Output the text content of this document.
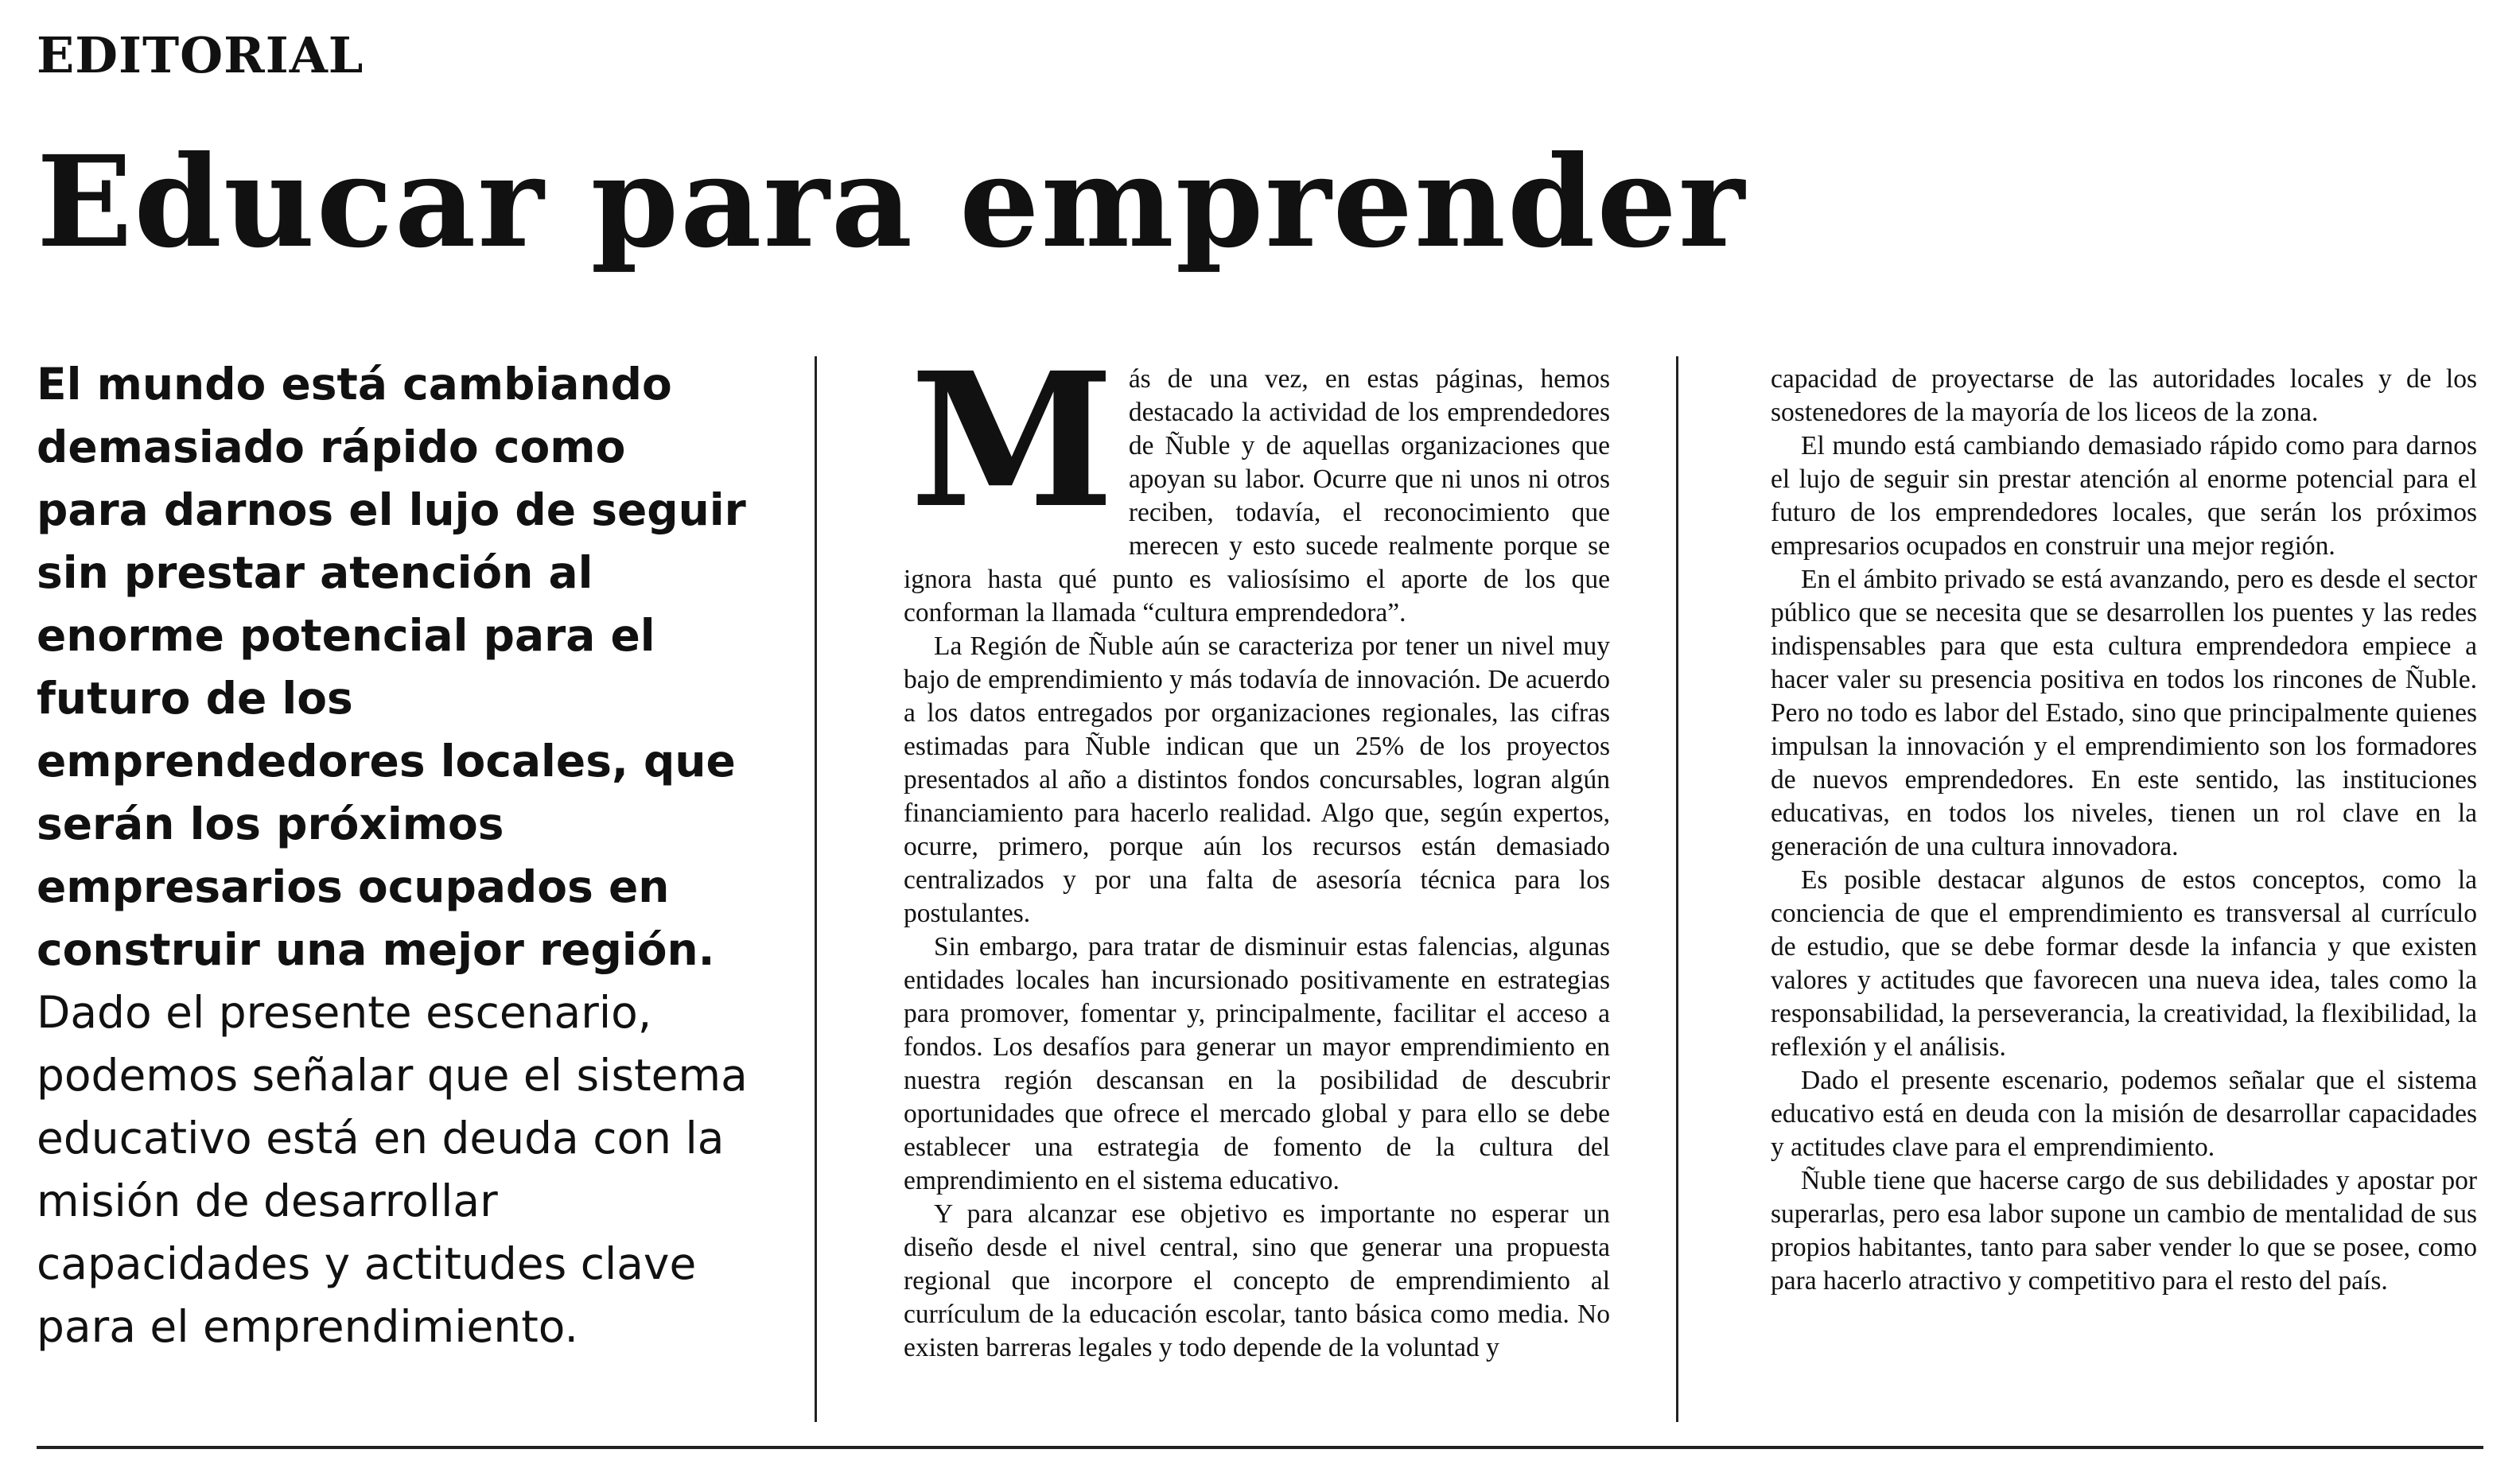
EDITORIAL
Educar para emprender

El mundo está cambiando demasiado rápido como para darnos el lujo de seguir sin prestar atención al enorme potencial para el futuro de los emprendedores locales, que serán los próximos empresarios ocupados en construir una mejor región. Dado el presente escenario, podemos señalar que el sistema educativo está en deuda con la misión de desarrollar capacidades y actitudes clave para el emprendimiento.

Más de una vez, en estas páginas, hemos destacado la actividad de los emprendedores de Ñuble y de aquellas organizaciones que apoyan su labor. Ocurre que ni unos ni otros reciben, todavía, el reconocimiento que merecen y esto sucede realmente porque se ignora hasta qué punto es valiosísimo el aporte de los que conforman la llamada “cultura emprendedora”.

La Región de Ñuble aún se caracteriza por tener un nivel muy bajo de emprendimiento y más todavía de innovación. De acuerdo a los datos entregados por organizaciones regionales, las cifras estimadas para Ñuble indican que un 25% de los proyectos presentados al año a distintos fondos concursables, logran algún financiamiento para hacerlo realidad. Algo que, según expertos, ocurre, primero, porque aún los recursos están demasiado centralizados y por una falta de asesoría técnica para los postulantes.

Sin embargo, para tratar de disminuir estas falencias, algunas entidades locales han incursionado positivamente en estrategias para promover, fomentar y, principalmente, facilitar el acceso a fondos. Los desafíos para generar un mayor emprendimiento en nuestra región descansan en la posibilidad de descubrir oportunidades que ofrece el mercado global y para ello se debe establecer una estrategia de fomento de la cultura del emprendimiento en el sistema educativo.

Y para alcanzar ese objetivo es importante no esperar un diseño desde el nivel central, sino que generar una propuesta regional que incorpore el concepto de emprendimiento al currículum de la educación escolar, tanto básica como media. No existen barreras legales y todo depende de la voluntad y

capacidad de proyectarse de las autoridades locales y de los sostenedores de la mayoría de los liceos de la zona.

El mundo está cambiando demasiado rápido como para darnos el lujo de seguir sin prestar atención al enorme potencial para el futuro de los emprendedores locales, que serán los próximos empresarios ocupados en construir una mejor región.

En el ámbito privado se está avanzando, pero es desde el sector público que se necesita que se desarrollen los puentes y las redes indispensables para que esta cultura emprendedora empiece a hacer valer su presencia positiva en todos los rincones de Ñuble. Pero no todo es labor del Estado, sino que principalmente quienes impulsan la innovación y el emprendimiento son los formadores de nuevos emprendedores. En este sentido, las instituciones educativas, en todos los niveles, tienen un rol clave en la generación de una cultura innovadora.

Es posible destacar algunos de estos conceptos, como la conciencia de que el emprendimiento es transversal al currículo de estudio, que se debe formar desde la infancia y que existen valores y actitudes que favorecen una nueva idea, tales como la responsabilidad, la perseverancia, la creatividad, la flexibilidad, la reflexión y el análisis.

Dado el presente escenario, podemos señalar que el sistema educativo está en deuda con la misión de desarrollar capacidades y actitudes clave para el emprendimiento.

Ñuble tiene que hacerse cargo de sus debilidades y apostar por superarlas, pero esa labor supone un cambio de mentalidad de sus propios habitantes, tanto para saber vender lo que se posee, como para hacerlo atractivo y competitivo para el resto del país.
